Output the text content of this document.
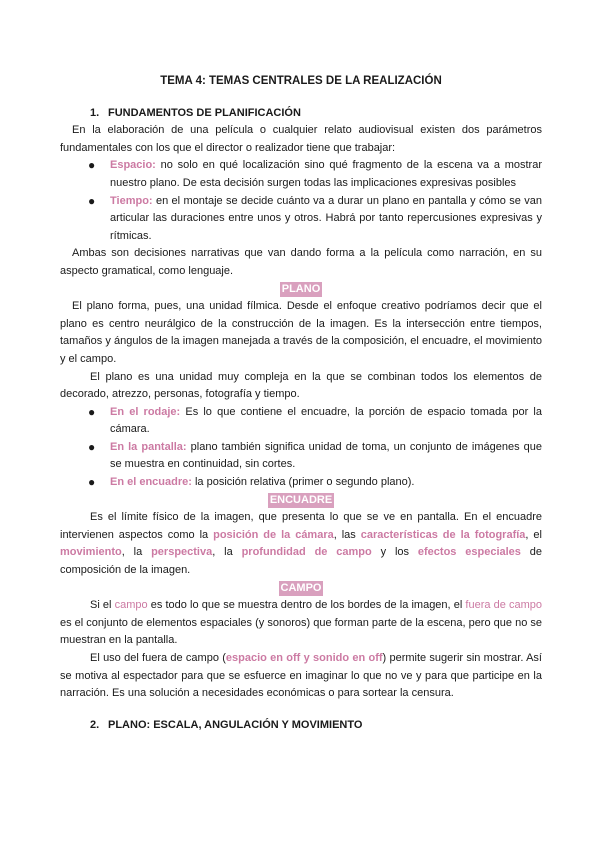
TEMA 4: TEMAS CENTRALES DE LA REALIZACIÓN
1. FUNDAMENTOS DE PLANIFICACIÓN

En la elaboración de una película o cualquier relato audiovisual existen dos parámetros fundamentales con los que el director o realizador tiene que trabajar:

● Espacio: no solo en qué localización sino qué fragmento de la escena va a mostrar nuestro plano. De esta decisión surgen todas las implicaciones expresivas posibles
● Tiempo: en el montaje se decide cuánto va a durar un plano en pantalla y cómo se van articular las duraciones entre unos y otros. Habrá por tanto repercusiones expresivas y rítmicas.

Ambas son decisiones narrativas que van dando forma a la película como narración, en su aspecto gramatical, como lenguaje.

PLANO

El plano forma, pues, una unidad fílmica. Desde el enfoque creativo podríamos decir que el plano es centro neurálgico de la construcción de la imagen. Es la intersección entre tiempos, tamaños y ángulos de la imagen manejada a través de la composición, el encuadre, el movimiento y el campo.

El plano es una unidad muy compleja en la que se combinan todos los elementos de decorado, atrezzo, personas, fotografía y tiempo.

● En el rodaje: Es lo que contiene el encuadre, la porción de espacio tomada por la cámara.
● En la pantalla: plano también significa unidad de toma, un conjunto de imágenes que se muestra en continuidad, sin cortes.
● En el encuadre: la posición relativa (primer o segundo plano).
ENCUADRE

Es el límite físico de la imagen, que presenta lo que se ve en pantalla. En el encuadre intervienen aspectos como la posición de la cámara, las características de la fotografía, el movimiento, la perspectiva, la profundidad de campo y los efectos especiales de composición de la imagen.

CAMPO

Si el campo es todo lo que se muestra dentro de los bordes de la imagen, el fuera de campo es el conjunto de elementos espaciales (y sonoros) que forman parte de la escena, pero que no se muestran en la pantalla.

El uso del fuera de campo (espacio en off y sonido en off) permite sugerir sin mostrar. Así se motiva al espectador para que se esfuerce en imaginar lo que no ve y para que participe en la narración. Es una solución a necesidades económicas o para sortear la censura.

2. PLANO: ESCALA, ANGULACIÓN Y MOVIMIENTO
